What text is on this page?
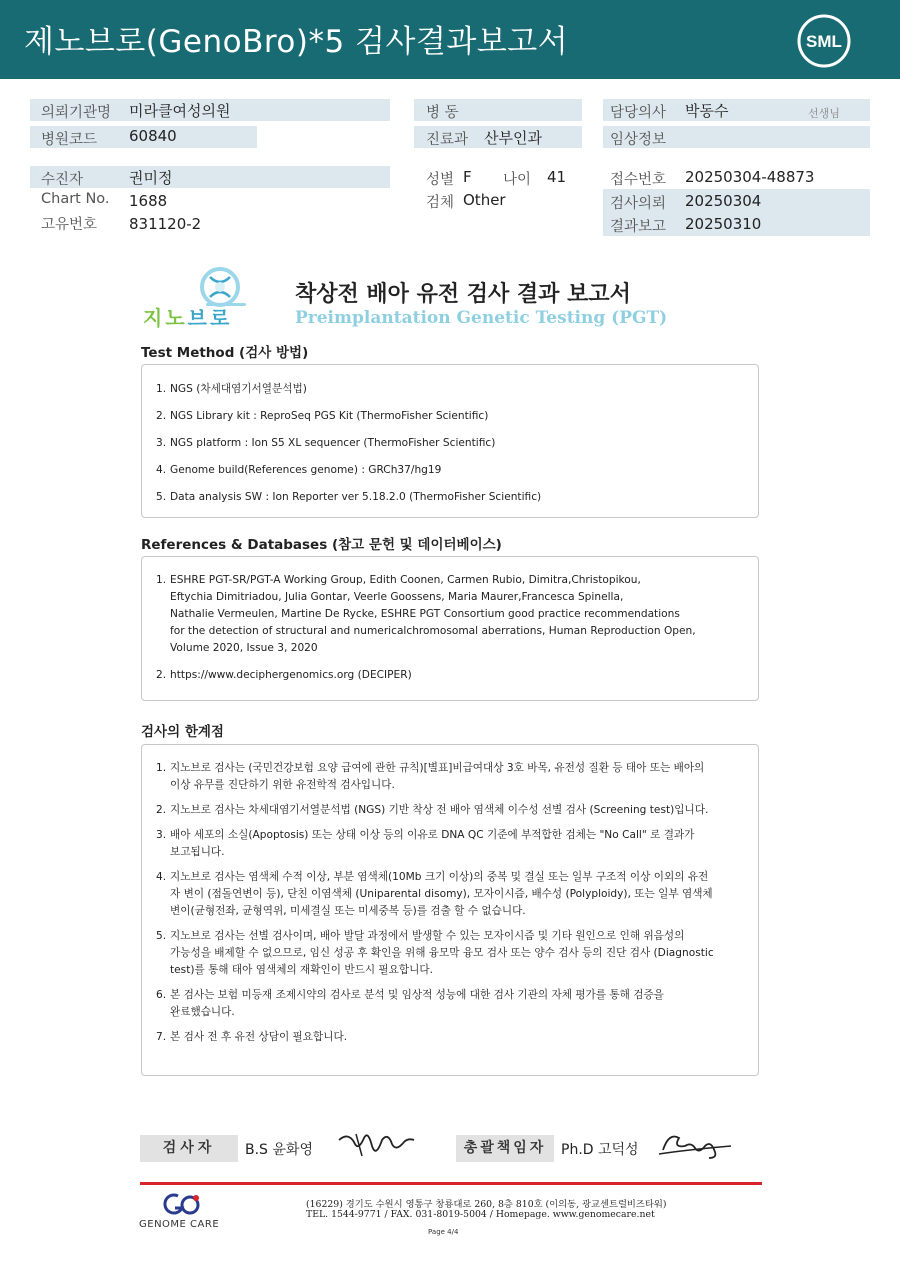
제노브로(GenoBro)*5 검사결과보고서	SML
의뢰기관명 미라클여성의원
병원코드 60840
수진자	권미정
Chart No. 1688
고유번호 831120-2
병 동
진료과 산부인과
성별 F 나이 41
검체 Other
담당의사 박동수	선생님
임상정보
접수번호 20250304-48873
검사의뢰 20250304
결과보고 20250310
지노브로
착상전 배아 유전 검사 결과 보고서
Preimplantation Genetic Testing (PGT)
Test Method (검사 방법)
1. NGS (차세대염기서열분석법)
2. NGS Library kit : ReproSeq PGS Kit (ThermoFisher Scientific)
3. NGS platform : Ion S5 XL sequencer (ThermoFisher Scientific)
4. Genome build(References genome) : GRCh37/hg19
5. Data analysis SW : Ion Reporter ver 5.18.2.0 (ThermoFisher Scientific)
References & Databases (참고 문헌 및 데이터베이스)
1. ESHRE PGT-SR/PGT-A Working Group, Edith Coonen, Carmen Rubio, Dimitra,Christopikou,
Eftychia Dimitriadou, Julia Gontar, Veerle Goossens, Maria Maurer,Francesca Spinella,
Nathalie Vermeulen, Martine De Rycke, ESHRE PGT Consortium good practice recommendations
for the detection of structural and numericalchromosomal aberrations, Human Reproduction Open,
Volume 2020, Issue 3, 2020
2. https://www.deciphergenomics.org (DECIPER)
검사의 한계점
1. 지노브로 검사는 (국민건강보험 요양 급여에 관한 규칙)[별표]비급여대상 3호 바목, 유전성 질환 등 태아 또는 배아의
이상 유무를 진단하기 위한 유전학적 검사입니다.
2. 지노브로 검사는 차세대염기서열분석법 (NGS) 기반 착상 전 배아 염색체 이수성 선별 검사 (Screening test)입니다.
3. 배아 세포의 소실(Apoptosis) 또는 상태 이상 등의 이유로 DNA QC 기준에 부적합한 검체는 "No Call" 로 결과가
보고됩니다.
4. 지노브로 검사는 염색체 수적 이상, 부분 염색체(10Mb 크기 이상)의 중복 및 결실 또는 일부 구조적 이상 이외의 유전
자 변이 (점돌연변이 등), 단친 이염색체 (Uniparental disomy), 모자이시즘, 배수성 (Polyploidy), 또는 일부 염색체
변이(균형전좌, 균형역위, 미세결실 또는 미세중복 등)를 검출 할 수 없습니다.
5. 지노브로 검사는 선별 검사이며, 배아 발달 과정에서 발생할 수 있는 모자이시즘 및 기타 원인으로 인해 위음성의
가능성을 배제할 수 없으므로, 임신 성공 후 확인을 위해 융모막 융모 검사 또는 양수 검사 등의 진단 검사 (Diagnostic
test)를 통해 태아 염색체의 재확인이 반드시 필요합니다.
6. 본 검사는 보험 미등재 조제시약의 검사로 분석 및 임상적 성능에 대한 검사 기관의 자체 평가를 통해 검증을
완료했습니다.
7. 본 검사 전 후 유전 상담이 필요합니다.
검사자	B.S 윤화영	총괄책임자	Ph.D 고덕성
GENOME CARE
(16229) 경기도 수원시 영통구 창룡대로 260, 8층 810호 (이의동, 광교센트럴비즈타워)
TEL. 1544-9771 / FAX. 031-8019-5004 / Homepage. www.genomecare.net
Page 4/4
